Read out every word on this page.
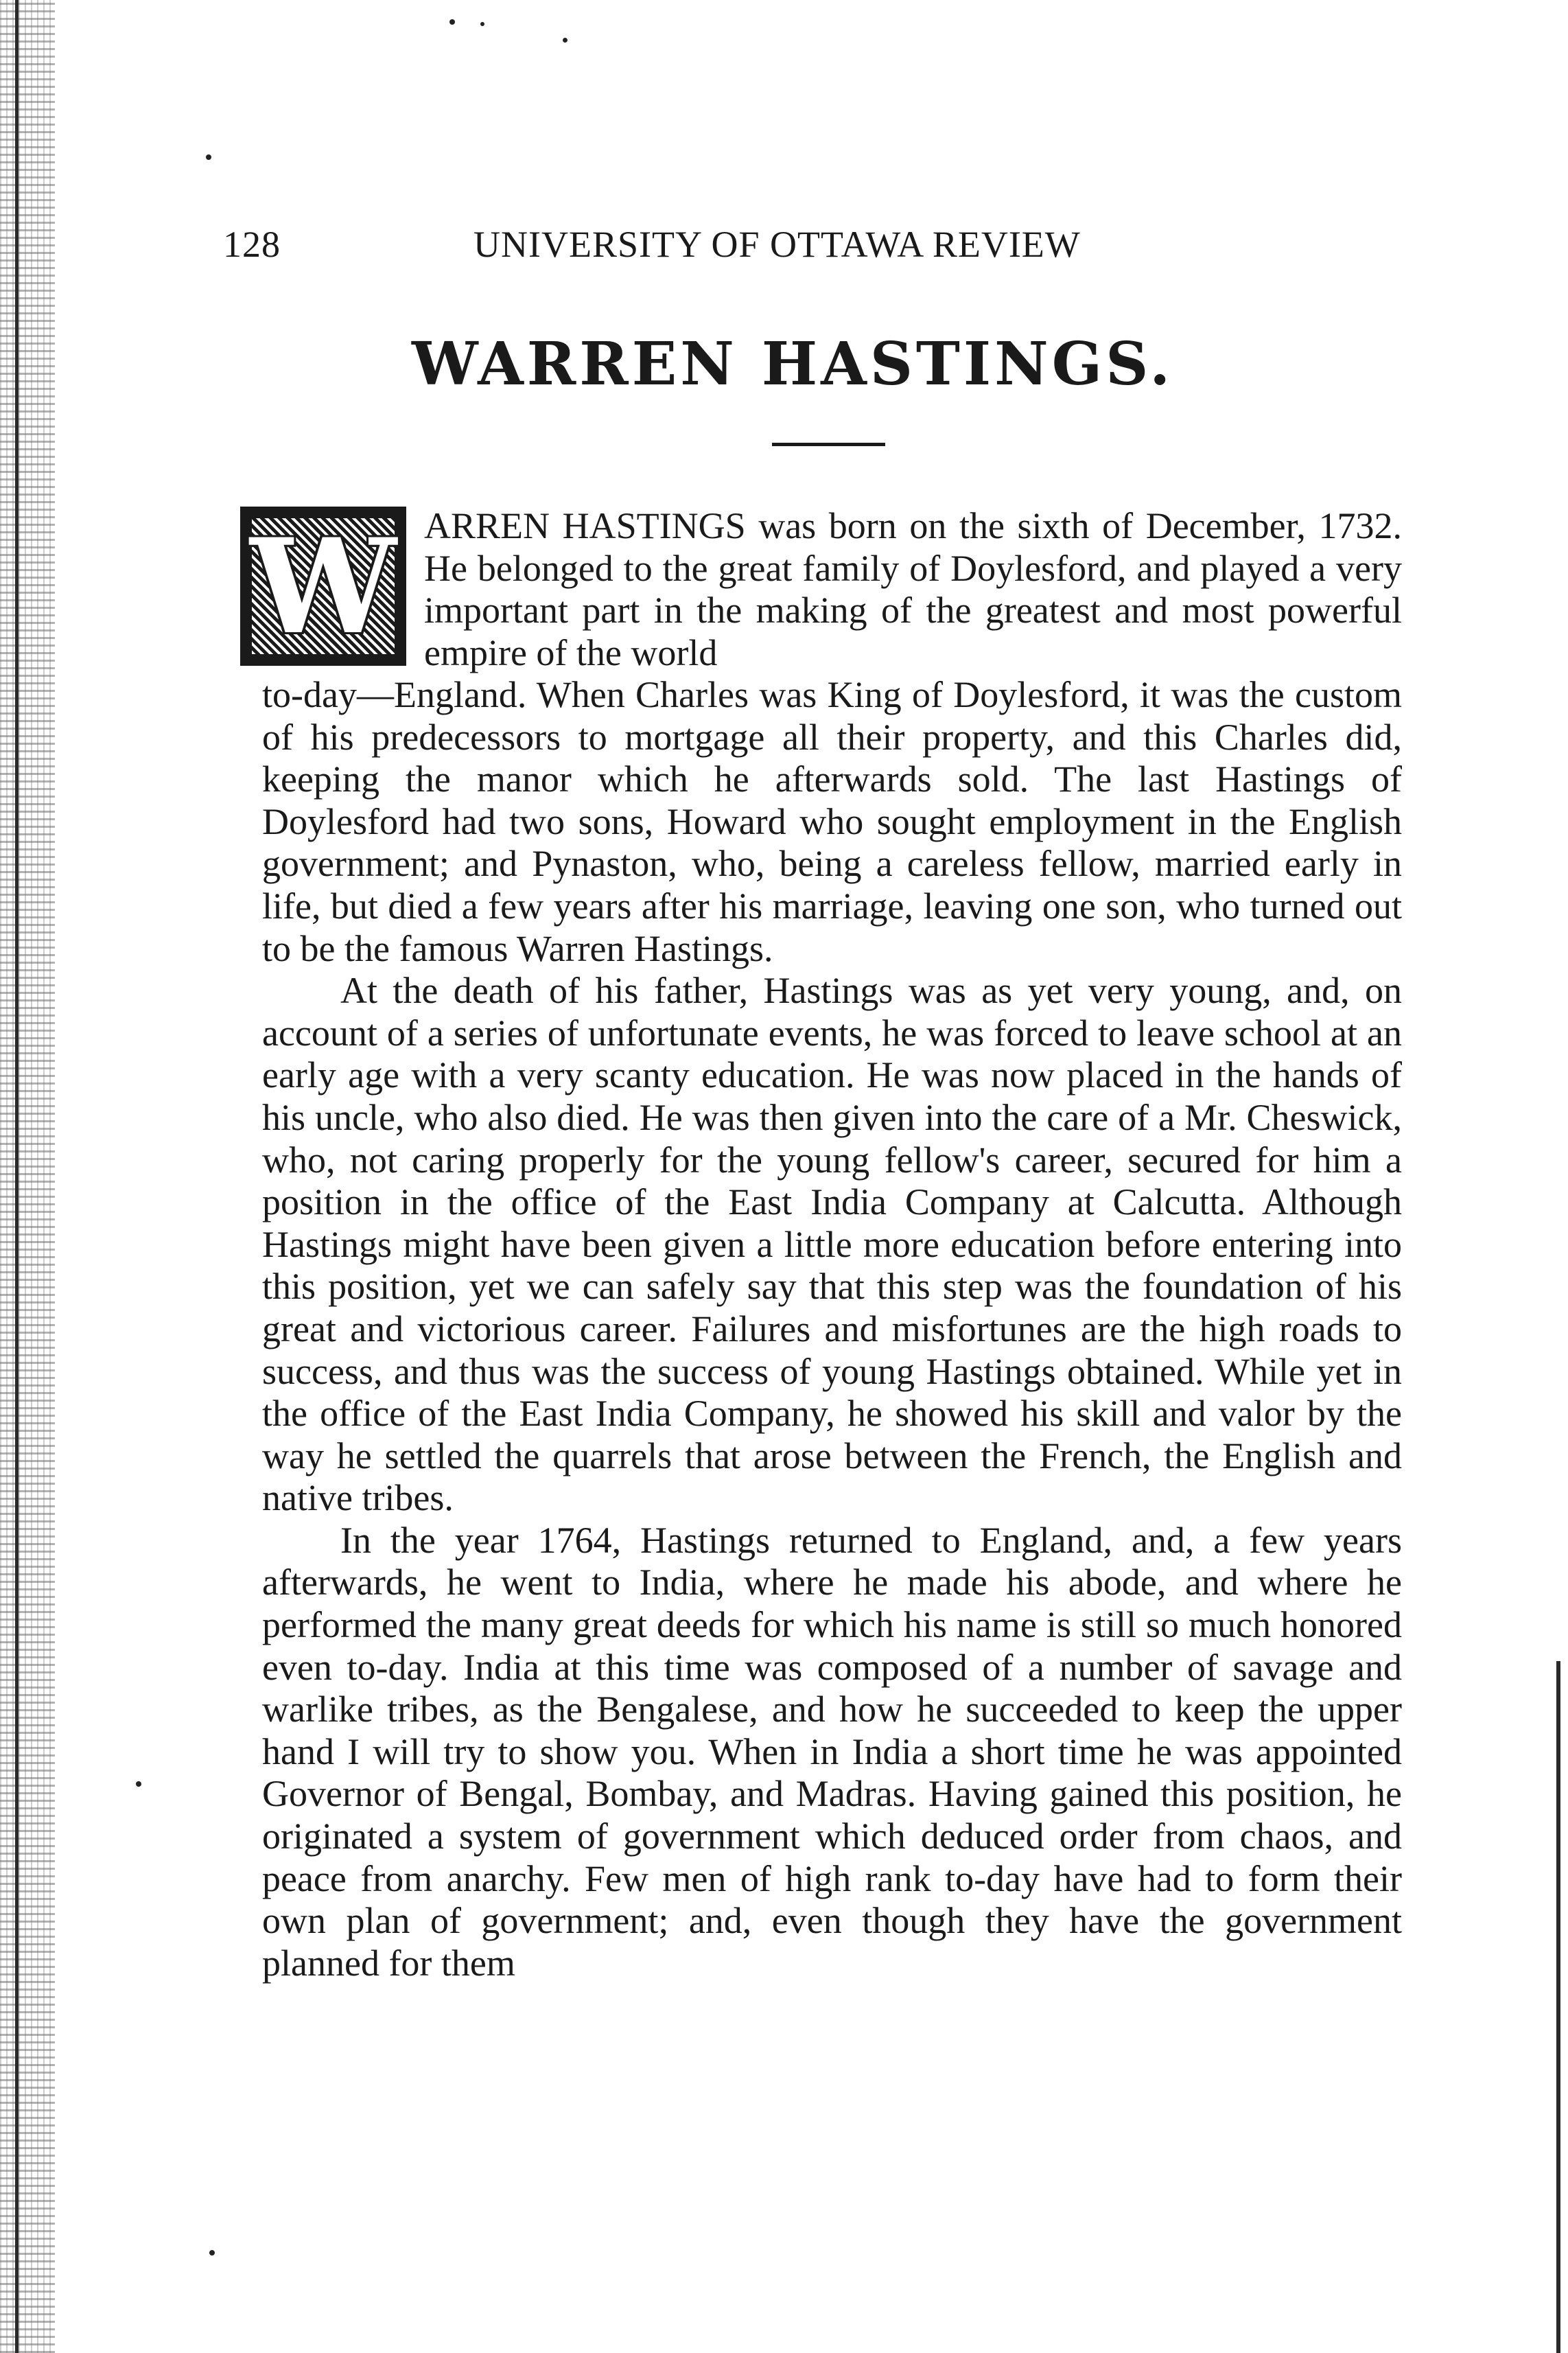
128	UNIVERSITY OF OTTAWA REVIEW
WARREN HASTINGS.
W ARREN HASTINGS was born on the sixth of December, 1732. He belonged to the great family of Doylesford, and played a very important part in the making of the greatest and most powerful empire of the world

to-day—England. When Charles was King of Doylesford, it was the custom of his predecessors to mortgage all their property, and this Charles did, keeping the manor which he afterwards sold. The last Hastings of Doylesford had two sons, Howard who sought employment in the English government; and Pynaston, who, being a careless fellow, married early in life, but died a few years after his marriage, leaving one son, who turned out to be the famous Warren Hastings.

At the death of his father, Hastings was as yet very young, and, on account of a series of unfortunate events, he was forced to leave school at an early age with a very scanty education. He was now placed in the hands of his uncle, who also died. He was then given into the care of a Mr. Cheswick, who, not caring properly for the young fellow's career, secured for him a position in the office of the East India Company at Calcutta. Although Hastings might have been given a little more education before entering into this position, yet we can safely say that this step was the foundation of his great and victorious career. Failures and misfortunes are the high roads to success, and thus was the success of young Hastings obtained. While yet in the office of the East India Company, he showed his skill and valor by the way he settled the quarrels that arose between the French, the English and native tribes.

In the year 1764, Hastings returned to England, and, a few years afterwards, he went to India, where he made his abode, and where he performed the many great deeds for which his name is still so much honored even to-day. India at this time was composed of a number of savage and warlike tribes, as the Bengalese, and how he succeeded to keep the upper hand I will try to show you. When in India a short time he was appointed Governor of Bengal, Bombay, and Madras. Having gained this position, he originated a system of government which deduced order from chaos, and peace from anarchy. Few men of high rank to-day have had to form their own plan of government; and, even though they have the government planned for them
